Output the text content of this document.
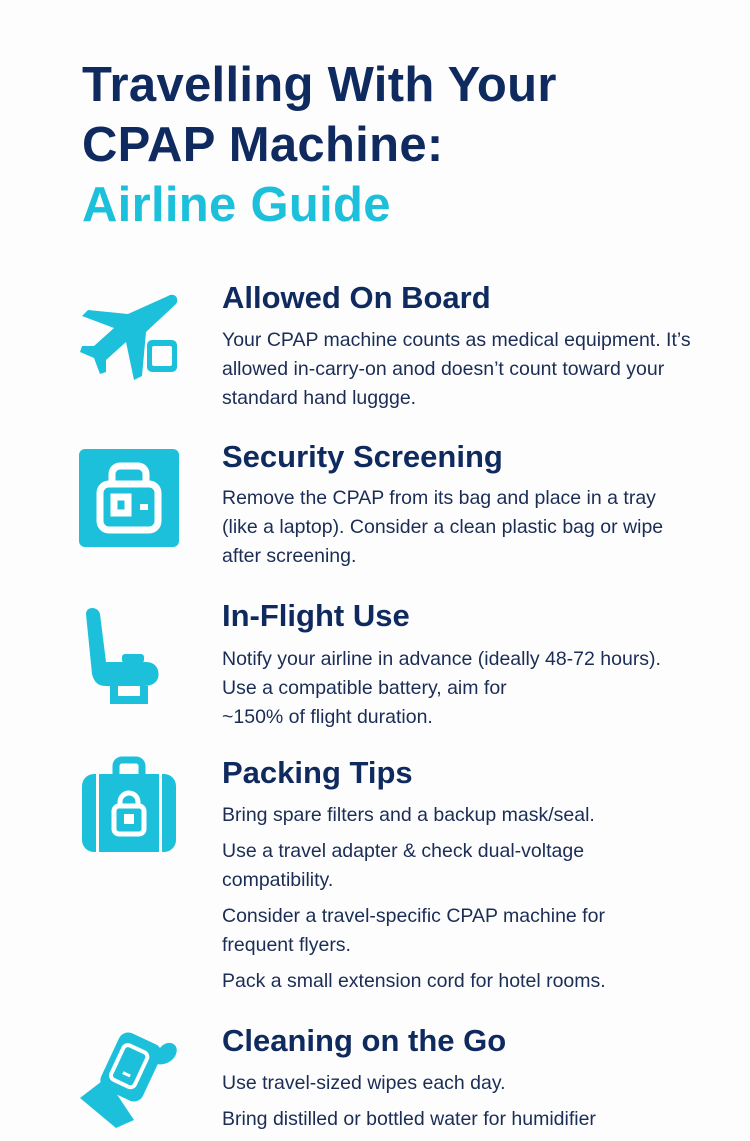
Travelling With Your
CPAP Machine:
Airline Guide
Allowed On Board

Your CPAP machine counts as medical equipment. It’s allowed in-carry-on anod doesn’t count toward your standard hand luggge.

Security Screening

Remove the CPAP from its bag and place in a tray (like a laptop). Consider a clean plastic bag or wipe after screening.

In-Flight Use

Notify your airline in advance (ideally 48-72 hours).

Use a compatible battery, aim for

~150% of flight duration.

Packing Tips

Bring spare filters and a backup mask/seal.

Use a travel adapter & check dual-voltage compatibility.

Consider a travel-specific CPAP machine for frequent flyers.

Pack a small extension cord for hotel rooms.

Cleaning on the Go

Use travel-sized wipes each day.

Bring distilled or bottled water for humidifier
